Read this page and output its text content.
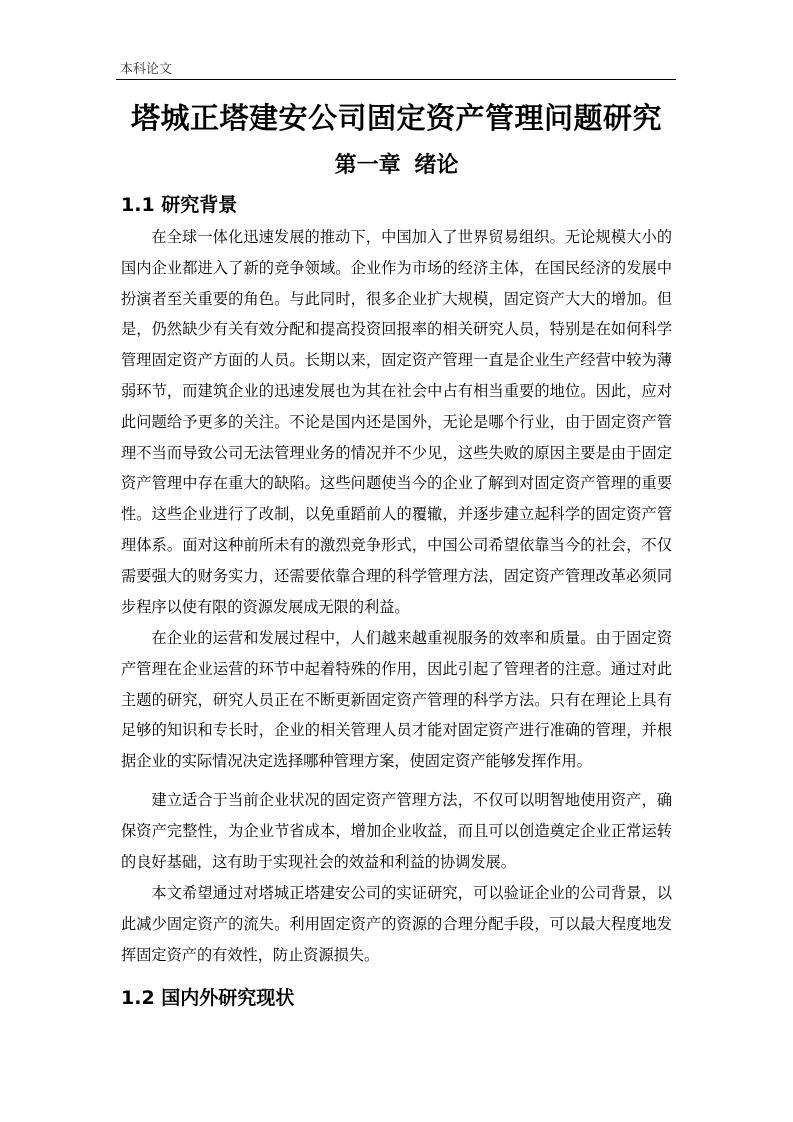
本科论文
塔城正塔建安公司固定资产管理问题研究
第一章 绪论
1.1 研究背景

在全球一体化迅速发展的推动下，中国加入了世界贸易组织。无论规模大小的国内企业都进入了新的竞争领域。企业作为市场的经济主体，在国民经济的发展中扮演者至关重要的角色。与此同时，很多企业扩大规模，固定资产大大的增加。但是，仍然缺少有关有效分配和提高投资回报率的相关研究人员，特别是在如何科学管理固定资产方面的人员。长期以来，固定资产管理一直是企业生产经营中较为薄弱环节，而建筑企业的迅速发展也为其在社会中占有相当重要的地位。因此，应对此问题给予更多的关注。不论是国内还是国外，无论是哪个行业，由于固定资产管理不当而导致公司无法管理业务的情况并不少见，这些失败的原因主要是由于固定资产管理中存在重大的缺陷。这些问题使当今的企业了解到对固定资产管理的重要性。这些企业进行了改制，以免重蹈前人的覆辙，并逐步建立起科学的固定资产管理体系。面对这种前所未有的激烈竞争形式，中国公司希望依靠当今的社会，不仅需要强大的财务实力，还需要依靠合理的科学管理方法，固定资产管理改革必须同步程序以使有限的资源发展成无限的利益。

在企业的运营和发展过程中，人们越来越重视服务的效率和质量。由于固定资产管理在企业运营的环节中起着特殊的作用，因此引起了管理者的注意。通过对此主题的研究，研究人员正在不断更新固定资产管理的科学方法。只有在理论上具有足够的知识和专长时，企业的相关管理人员才能对固定资产进行准确的管理，并根据企业的实际情况决定选择哪种管理方案，使固定资产能够发挥作用。

建立适合于当前企业状况的固定资产管理方法，不仅可以明智地使用资产，确保资产完整性，为企业节省成本，增加企业收益，而且可以创造奠定企业正常运转的良好基础，这有助于实现社会的效益和利益的协调发展。

本文希望通过对塔城正塔建安公司的实证研究，可以验证企业的公司背景，以此减少固定资产的流失。利用固定资产的资源的合理分配手段，可以最大程度地发挥固定资产的有效性，防止资源损失。

1.2 国内外研究现状
